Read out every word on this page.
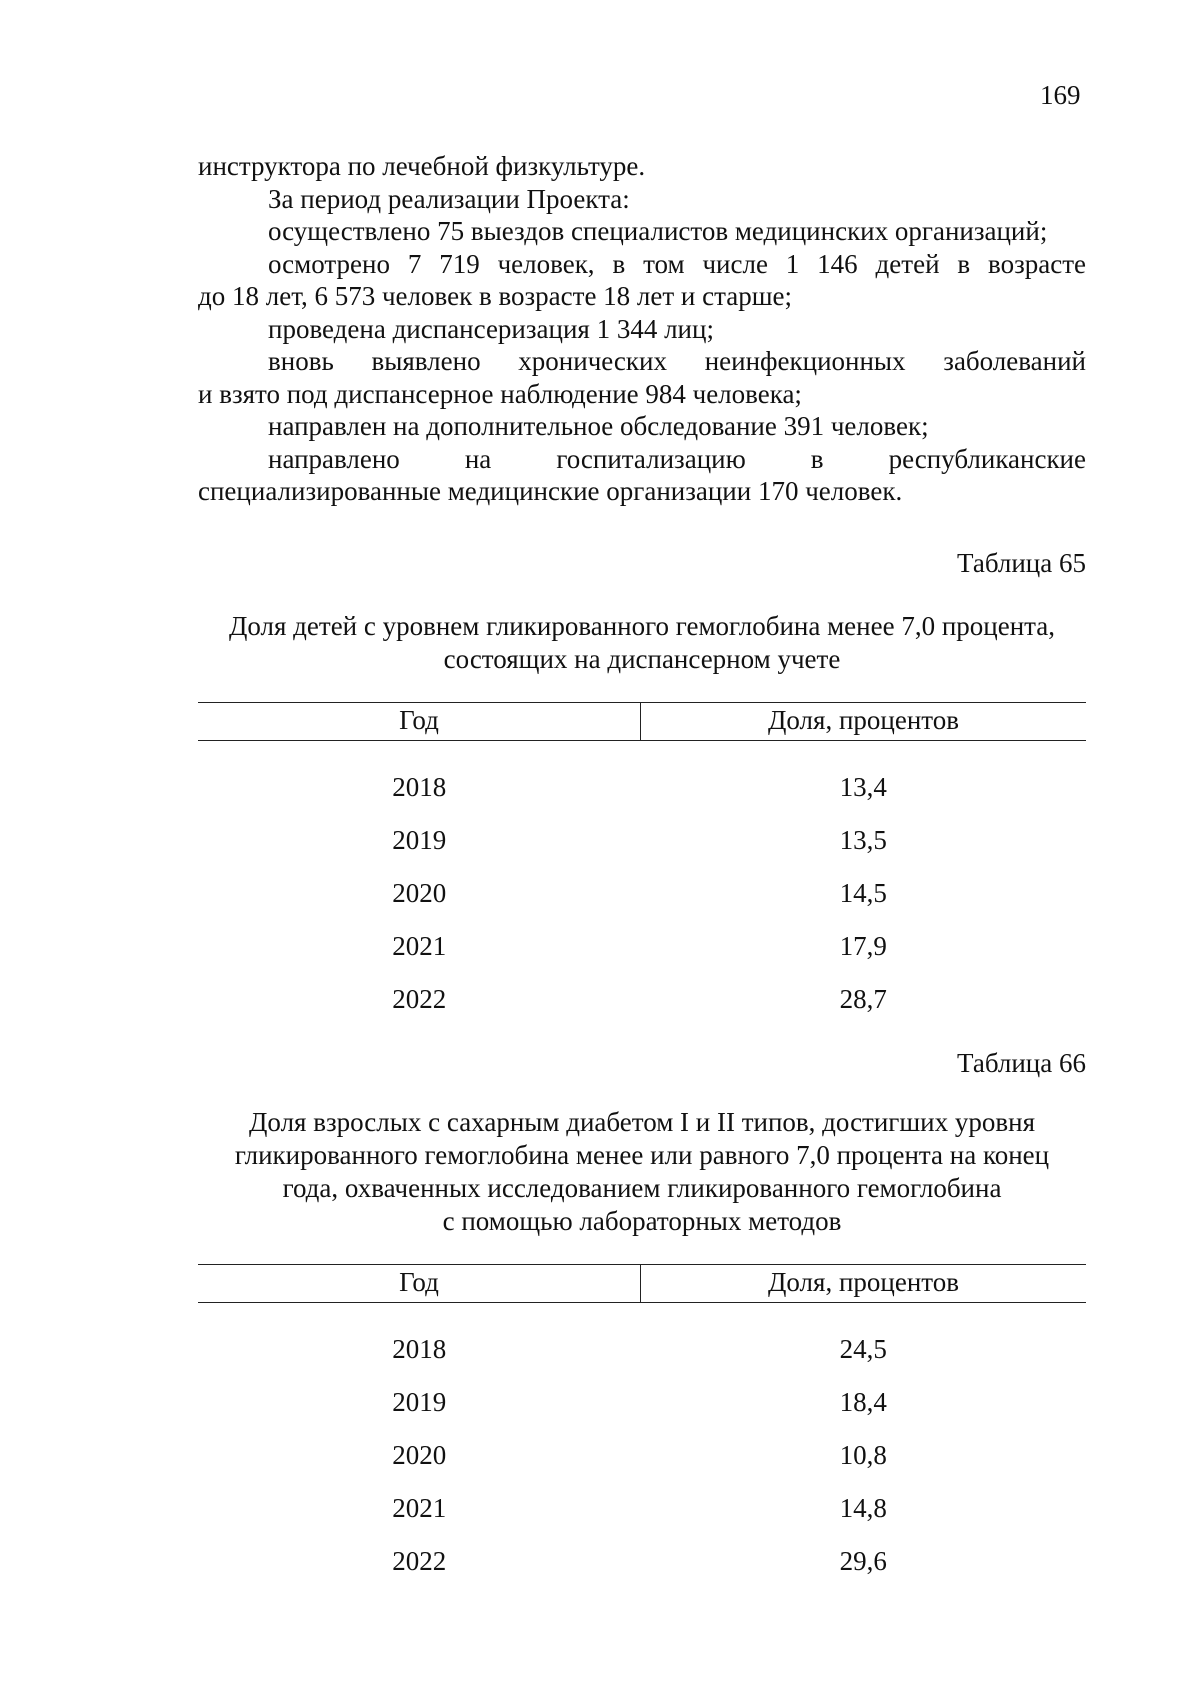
169
инструктора по лечебной физкультуре.
За период реализации Проекта:
осуществлено 75 выездов специалистов медицинских организаций;
осмотрено 7 719 человек, в том числе 1 146 детей в возрасте
до 18 лет, 6 573 человек в возрасте 18 лет и старше;
проведена диспансеризация 1 344 лиц;
вновь выявлено хронических неинфекционных заболеваний
и взято под диспансерное наблюдение 984 человека;
направлен на дополнительное обследование 391 человек;
направлено на госпитализацию в республиканские
специализированные медицинские организации 170 человек.
Таблица 65
Доля детей с уровнем гликированного гемоглобина менее 7,0 процента,
состоящих на диспансерном учете
Год	Доля, процентов
2018	13,4
2019	13,5
2020	14,5
2021	17,9
2022	28,7
Таблица 66
Доля взрослых с сахарным диабетом I и II типов, достигших уровня
гликированного гемоглобина менее или равного 7,0 процента на конец
года, охваченных исследованием гликированного гемоглобина
с помощью лабораторных методов
Год	Доля, процентов
2018	24,5
2019	18,4
2020	10,8
2021	14,8
2022	29,6
